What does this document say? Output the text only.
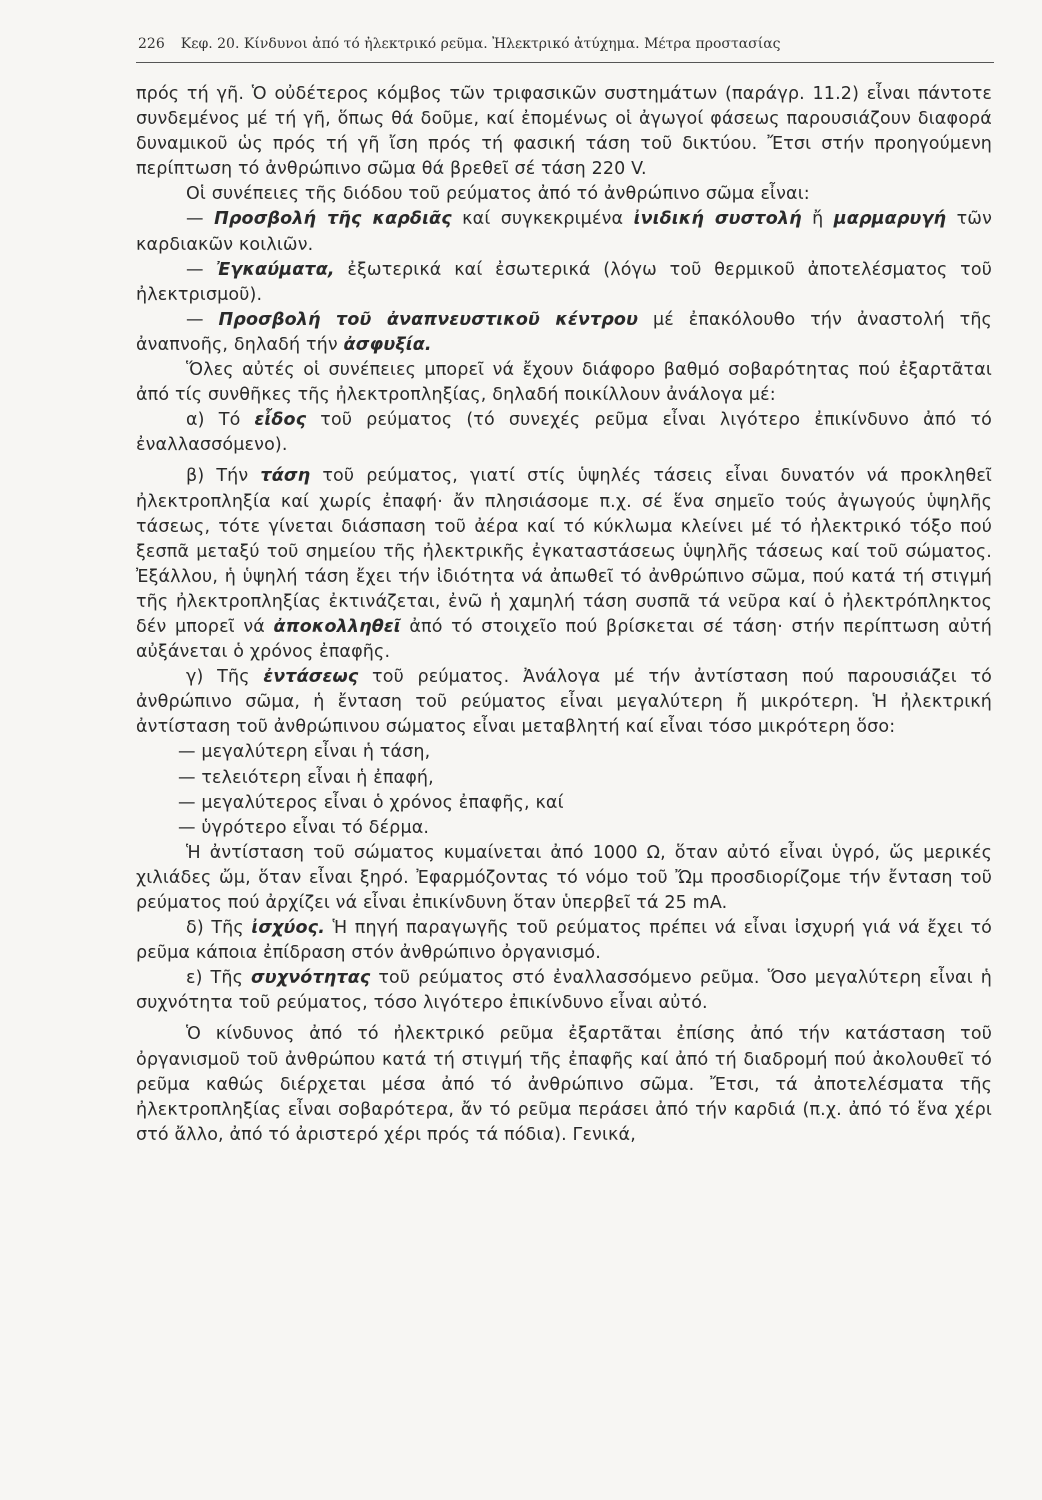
226 Κεφ. 20. Κίνδυνοι ἀπό τό ἠλεκτρικό ρεῦμα. Ἠλεκτρικό ἀτύχημα. Μέτρα προστασίας

πρός τή γῆ. Ὁ οὐδέτερος κόμβος τῶν τριφασικῶν συστημάτων (παράγρ. 11.2) εἶναι πάντοτε συνδεμένος μέ τή γῆ, ὅπως θά δοῦμε, καί ἐπομένως οἱ ἀγωγοί φάσεως παρουσιάζουν διαφορά δυναμικοῦ ὡς πρός τή γῆ ἴση πρός τή φασική τάση τοῦ δικτύου. Ἔτσι στήν προηγούμενη περίπτωση τό ἀνθρώπινο σῶμα θά βρεθεῖ σέ τάση 220 V.

Οἱ συνέπειες τῆς διόδου τοῦ ρεύματος ἀπό τό ἀνθρώπινο σῶμα εἶναι:

— Προσβολή τῆς καρδιᾶς καί συγκεκριμένα ἰνιδική συστολή ἤ μαρμαρυγή τῶν καρδιακῶν κοιλιῶν.

— Ἐγκαύματα, ἐξωτερικά καί ἐσωτερικά (λόγω τοῦ θερμικοῦ ἀποτελέσματος τοῦ ἠλεκτρισμοῦ).

— Προσβολή τοῦ ἀναπνευστικοῦ κέντρου μέ ἐπακόλουθο τήν ἀναστολή τῆς ἀναπνοῆς, δηλαδή τήν ἀσφυξία.

Ὅλες αὐτές οἱ συνέπειες μπορεῖ νά ἔχουν διάφορο βαθμό σοβαρότητας πού ἐξαρτᾶται ἀπό τίς συνθῆκες τῆς ἠλεκτροπληξίας, δηλαδή ποικίλλουν ἀνάλογα μέ:

α) Τό εἶδος τοῦ ρεύματος (τό συνεχές ρεῦμα εἶναι λιγότερο ἐπικίνδυνο ἀπό τό ἐναλλασσόμενο).

β) Τήν τάση τοῦ ρεύματος, γιατί στίς ὑψηλές τάσεις εἶναι δυνατόν νά προκληθεῖ ἠλεκτροπληξία καί χωρίς ἐπαφή· ἄν πλησιάσομε π.χ. σέ ἕνα σημεῖο τούς ἀγωγούς ὑψηλῆς τάσεως, τότε γίνεται διάσπαση τοῦ ἀέρα καί τό κύκλωμα κλείνει μέ τό ἠλεκτρικό τόξο πού ξεσπᾶ μεταξύ τοῦ σημείου τῆς ἠλεκτρικῆς ἐγκαταστάσεως ὑψηλῆς τάσεως καί τοῦ σώματος. Ἐξάλλου, ἡ ὑψηλή τάση ἔχει τήν ἰδιότητα νά ἀπωθεῖ τό ἀνθρώπινο σῶμα, πού κατά τή στιγμή τῆς ἠλεκτροπληξίας ἐκτινάζεται, ἐνῶ ἡ χαμηλή τάση συσπᾶ τά νεῦρα καί ὁ ἠλεκτρόπληκτος δέν μπορεῖ νά ἀποκολληθεῖ ἀπό τό στοιχεῖο πού βρίσκεται σέ τάση· στήν περίπτωση αὐτή αὐξάνεται ὁ χρόνος ἐπαφῆς.

γ) Τῆς ἐντάσεως τοῦ ρεύματος. Ἀνάλογα μέ τήν ἀντίσταση πού παρουσιάζει τό ἀνθρώπινο σῶμα, ἡ ἔνταση τοῦ ρεύματος εἶναι μεγαλύτερη ἤ μικρότερη. Ἡ ἠλεκτρική ἀντίσταση τοῦ ἀνθρώπινου σώματος εἶναι μεταβλητή καί εἶναι τόσο μικρότερη ὅσο:

— μεγαλύτερη εἶναι ἡ τάση,

— τελειότερη εἶναι ἡ ἐπαφή,

— μεγαλύτερος εἶναι ὁ χρόνος ἐπαφῆς, καί

— ὑγρότερο εἶναι τό δέρμα.

Ἡ ἀντίσταση τοῦ σώματος κυμαίνεται ἀπό 1000 Ω, ὅταν αὐτό εἶναι ὑγρό, ὥς μερικές χιλιάδες ὤμ, ὅταν εἶναι ξηρό. Ἐφαρμόζοντας τό νόμο τοῦ Ὤμ προσδιορίζομε τήν ἔνταση τοῦ ρεύματος πού ἀρχίζει νά εἶναι ἐπικίνδυνη ὅταν ὑπερβεῖ τά 25 mA.

δ) Τῆς ἰσχύος. Ἡ πηγή παραγωγῆς τοῦ ρεύματος πρέπει νά εἶναι ἰσχυρή γιά νά ἔχει τό ρεῦμα κάποια ἐπίδραση στόν ἀνθρώπινο ὀργανισμό.

ε) Τῆς συχνότητας τοῦ ρεύματος στό ἐναλλασσόμενο ρεῦμα. Ὅσο μεγαλύτερη εἶναι ἡ συχνότητα τοῦ ρεύματος, τόσο λιγότερο ἐπικίνδυνο εἶναι αὐτό.

Ὁ κίνδυνος ἀπό τό ἠλεκτρικό ρεῦμα ἐξαρτᾶται ἐπίσης ἀπό τήν κατάσταση τοῦ ὀργανισμοῦ τοῦ ἀνθρώπου κατά τή στιγμή τῆς ἐπαφῆς καί ἀπό τή διαδρομή πού ἀκολουθεῖ τό ρεῦμα καθώς διέρχεται μέσα ἀπό τό ἀνθρώπινο σῶμα. Ἔτσι, τά ἀποτελέσματα τῆς ἠλεκτροπληξίας εἶναι σοβαρότερα, ἄν τό ρεῦμα περάσει ἀπό τήν καρδιά (π.χ. ἀπό τό ἕνα χέρι στό ἄλλο, ἀπό τό ἀριστερό χέρι πρός τά πόδια). Γενικά,
